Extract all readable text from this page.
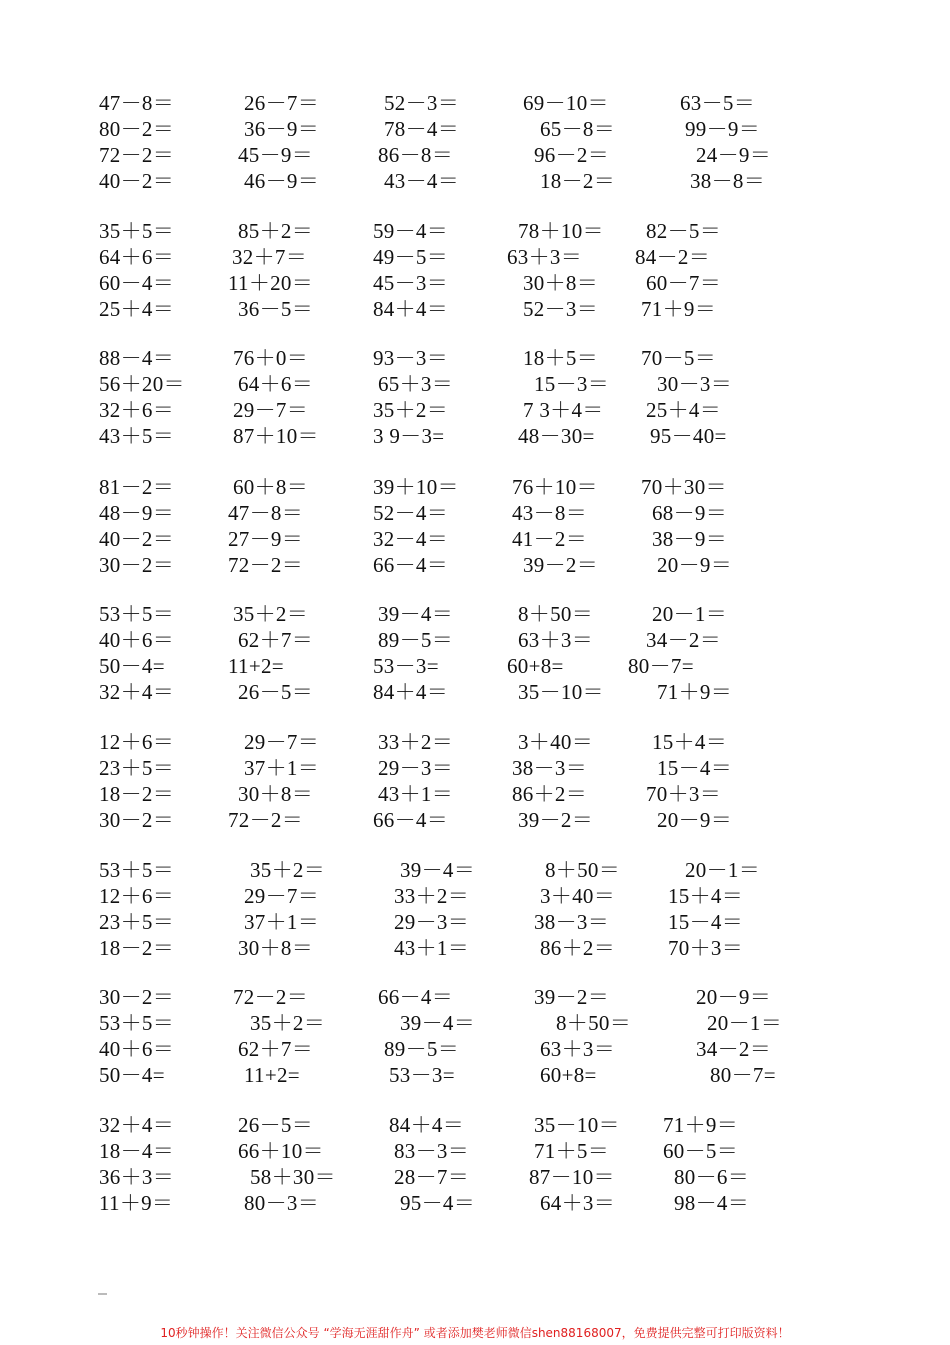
47－8＝	26－7＝	52－3＝	69－10＝	63－5＝
80－2＝	36－9＝	78－4＝	65－8＝	99－9＝
72－2＝	45－9＝	86－8＝	96－2＝	24－9＝
40－2＝	46－9＝	43－4＝	18－2＝	38－8＝
35＋5＝	85＋2＝	59－4＝	78＋10＝ 82－5＝
64＋6＝	32＋7＝	49－5＝	63＋3＝	84－2＝
60－4＝	11＋20＝	45－3＝	30＋8＝ 60－7＝
25＋4＝	36－5＝	84＋4＝	52－3＝ 71＋9＝
88－4＝	76＋0＝	93－3＝	18＋5＝ 70－5＝
56＋20＝	64＋6＝	65＋3＝	15－3＝ 30－3＝
32＋6＝	29－7＝	35＋2＝	7 3＋4＝ 25＋4＝
43＋5＝	87＋10＝	3 9－3=	48－30=	95－40=
81－2＝	60＋8＝	39＋10＝	76＋10＝ 70＋30＝
48－9＝	47－8＝	52－4＝	43－8＝	68－9＝
40－2＝	27－9＝	32－4＝	41－2＝	38－9＝
30－2＝	72－2＝	66－4＝	39－2＝	20－9＝
53＋5＝	35＋2＝	39－4＝	8＋50＝	20－1＝
40＋6＝	62＋7＝	89－5＝	63＋3＝	34－2＝
50－4=	11+2=	53－3=	60+8=	80－7=
32＋4＝	26－5＝	84＋4＝	35－10＝	71＋9＝
12＋6＝	29－7＝	33＋2＝	3＋40＝	15＋4＝
23＋5＝	37＋1＝	29－3＝	38－3＝	15－4＝
18－2＝	30＋8＝	43＋1＝	86＋2＝	70＋3＝
30－2＝	72－2＝	66－4＝	39－2＝	20－9＝
53＋5＝	35＋2＝	39－4＝	8＋50＝	20－1＝
12＋6＝	29－7＝	33＋2＝	3＋40＝	15＋4＝
23＋5＝	37＋1＝	29－3＝	38－3＝	15－4＝
18－2＝	30＋8＝	43＋1＝	86＋2＝	70＋3＝
30－2＝	72－2＝	66－4＝	39－2＝	20－9＝
53＋5＝	35＋2＝	39－4＝	8＋50＝	20－1＝
40＋6＝	62＋7＝	89－5＝	63＋3＝	34－2＝
50－4=	11+2=	53－3=	60+8=	80－7=
32＋4＝	26－5＝	84＋4＝	35－10＝ 71＋9＝
18－4＝	66＋10＝	83－3＝	71＋5＝	60－5＝
36＋3＝	58＋30＝	28－7＝	87－10＝	80－6＝
11＋9＝	80－3＝	95－4＝	64＋3＝	98－4＝
10秒钟操作！关注微信公众号 “学海无涯甜作舟” 或者添加樊老师微信shen88168007，免费提供完整可打印版资料！
